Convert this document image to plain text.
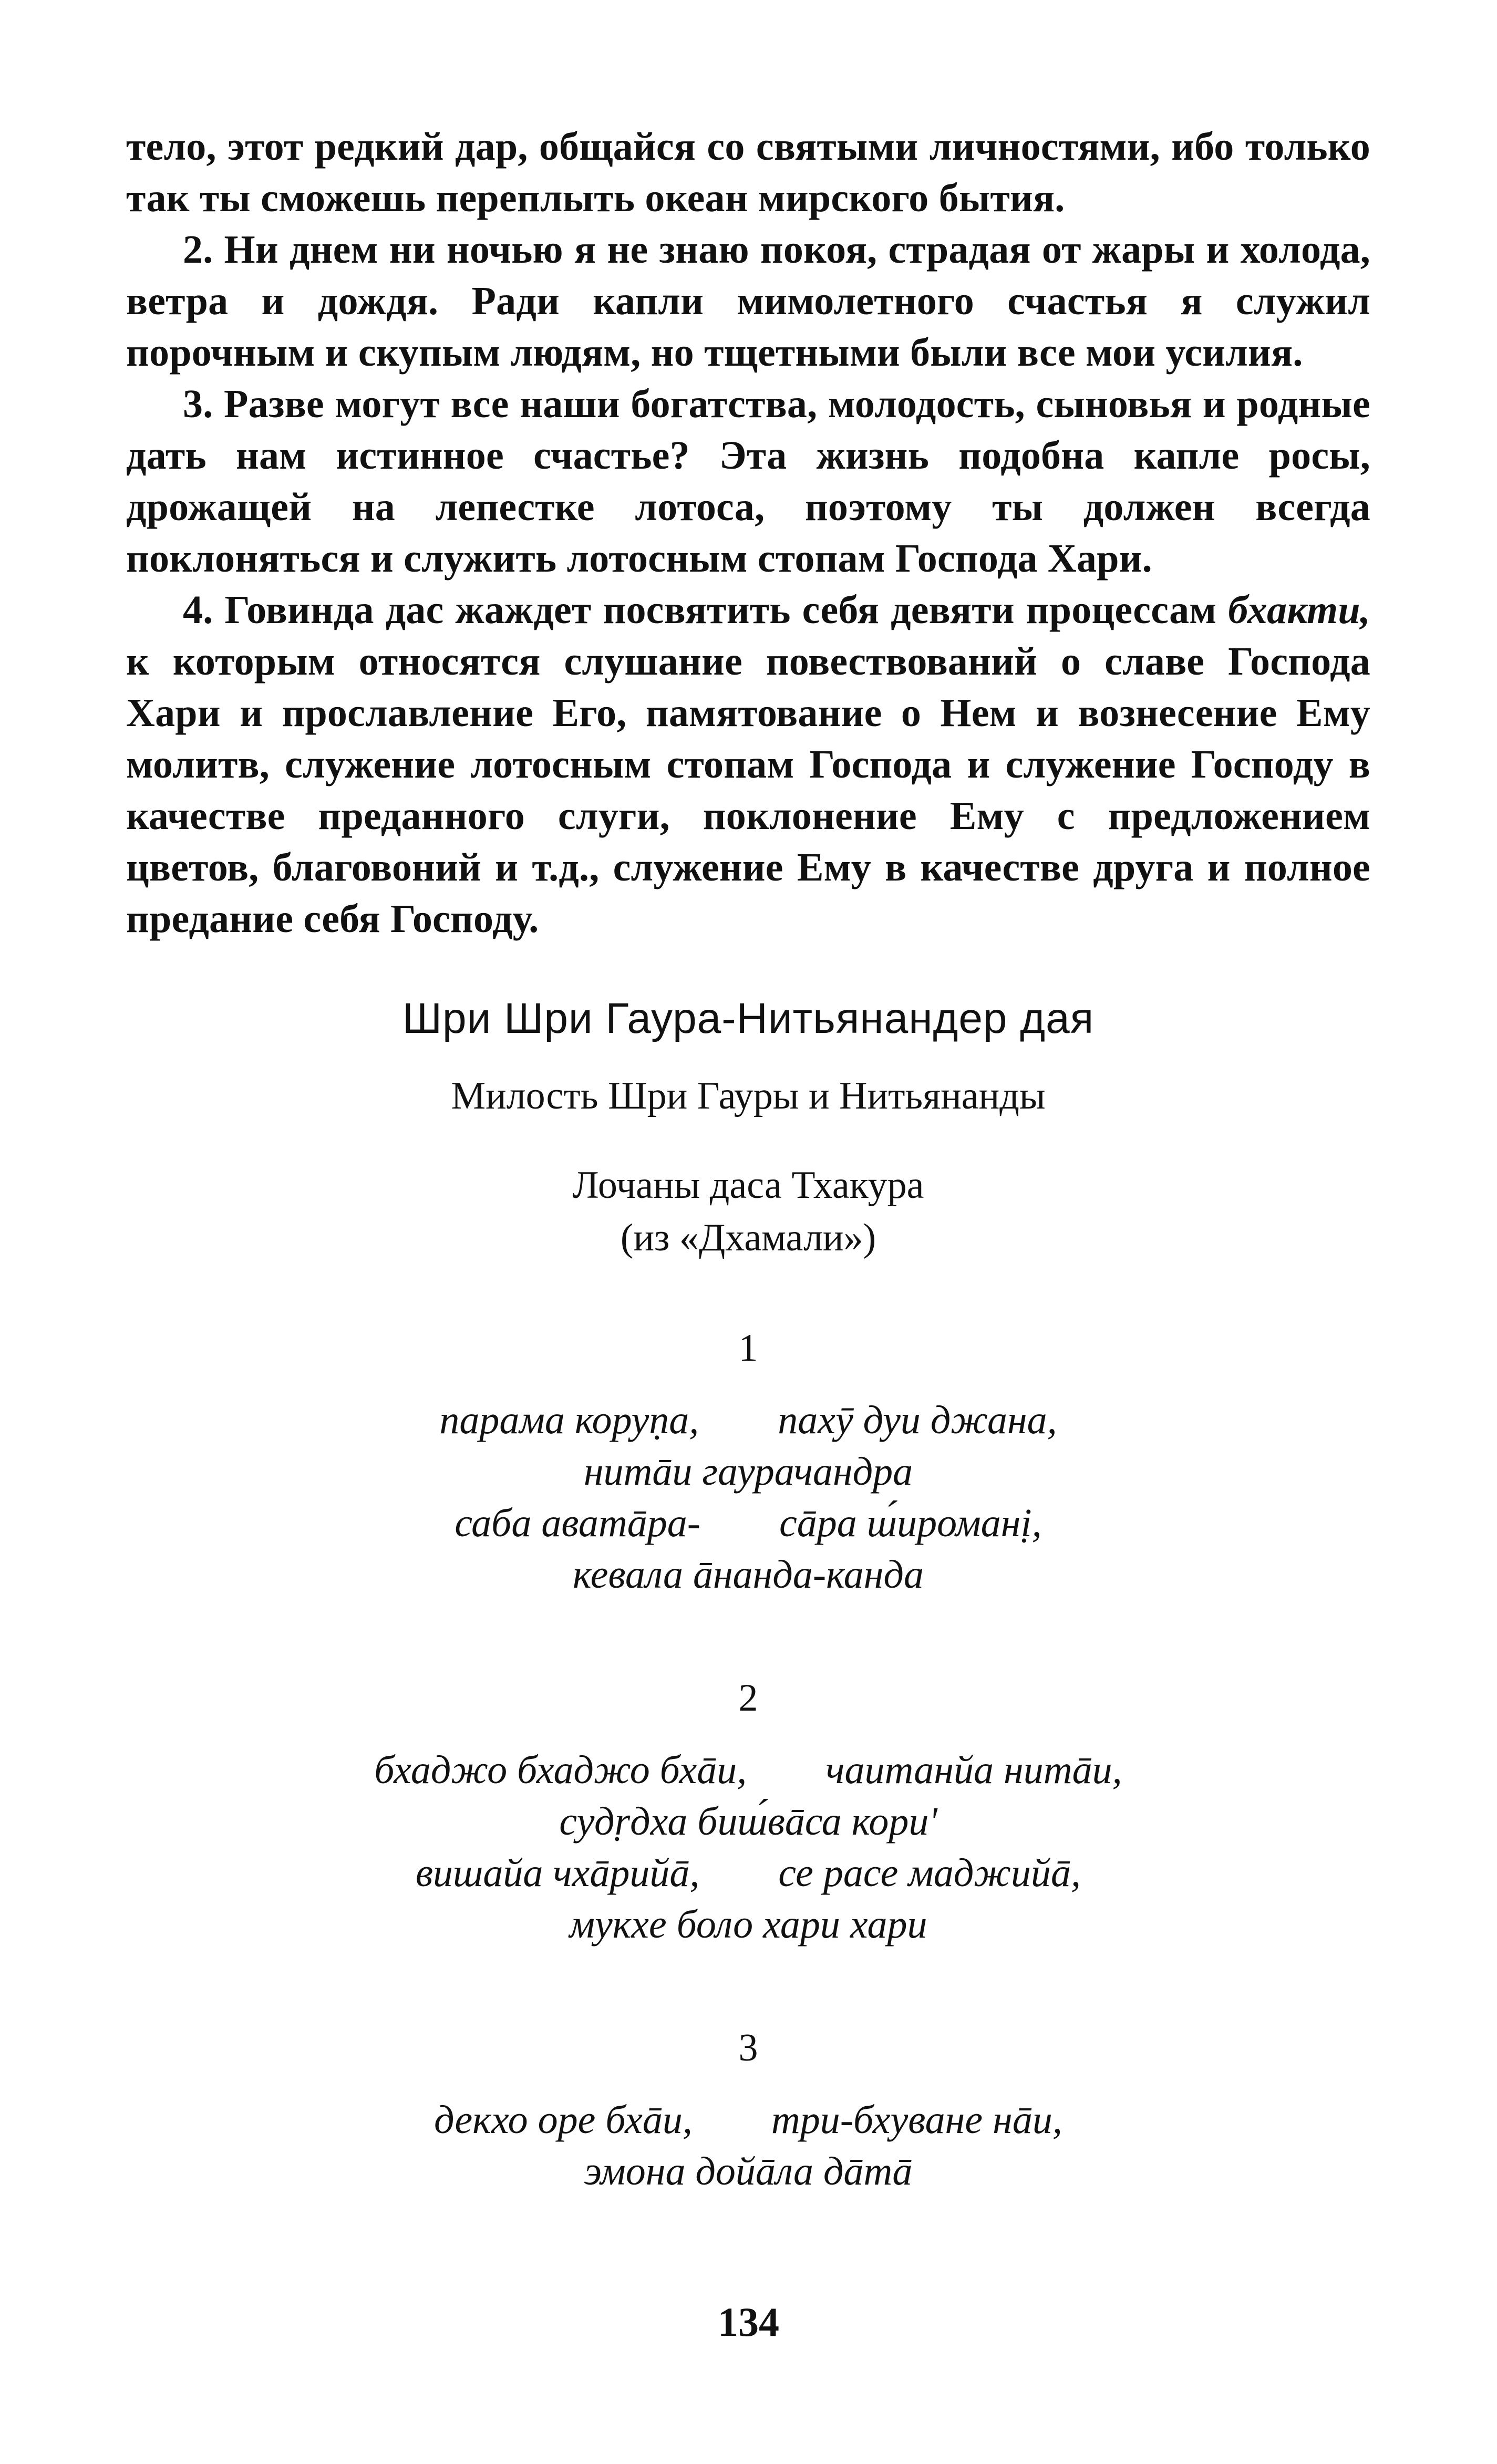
тело, этот редкий дар, общайся со святыми личностями, ибо только так ты сможешь переплыть океан мирского бытия.

2. Ни днем ни ночью я не знаю покоя, страдая от жары и холода, ветра и дождя. Ради капли мимолетного счастья я служил порочным и скупым людям, но тщетными были все мои усилия.

3. Разве могут все наши богатства, молодость, сыновья и родные дать нам истинное счастье? Эта жизнь подобна капле росы, дрожащей на лепестке лотоса, поэтому ты должен всегда поклоняться и служить лотосным стопам Господа Хари.

4. Говинда дас жаждет посвятить себя девяти процессам бхакти, к которым относятся слушание повествований о славе Господа Хари и прославление Его, памятование о Нем и вознесение Ему молитв, служение лотосным стопам Господа и служение Господу в качестве преданного слуги, поклонение Ему с предложением цветов, благовоний и т.д., служение Ему в качестве друга и полное предание себя Господу.

Шри Шри Гаура-Нитьянандер дая
Милость Шри Гауры и Нитьянанды
Лочаны даса Тхакура
(из «Дхамали»)
1
парама коруṇа, пахӯ дуи джана,
нитāи гаурачандра
саба аватāра- сāра ш́ироманị,
кевала āнанда-канда
2
бхаджо бхаджо бхāи, чаитанйа нитāи,
судṛдха биш́вāса кори'
вишайа чхāрийā, се расе маджийā,
мукхе боло хари хари
3
декхо оре бхāи, три-бхуване нāи,
эмона дойāла дāтā
134
